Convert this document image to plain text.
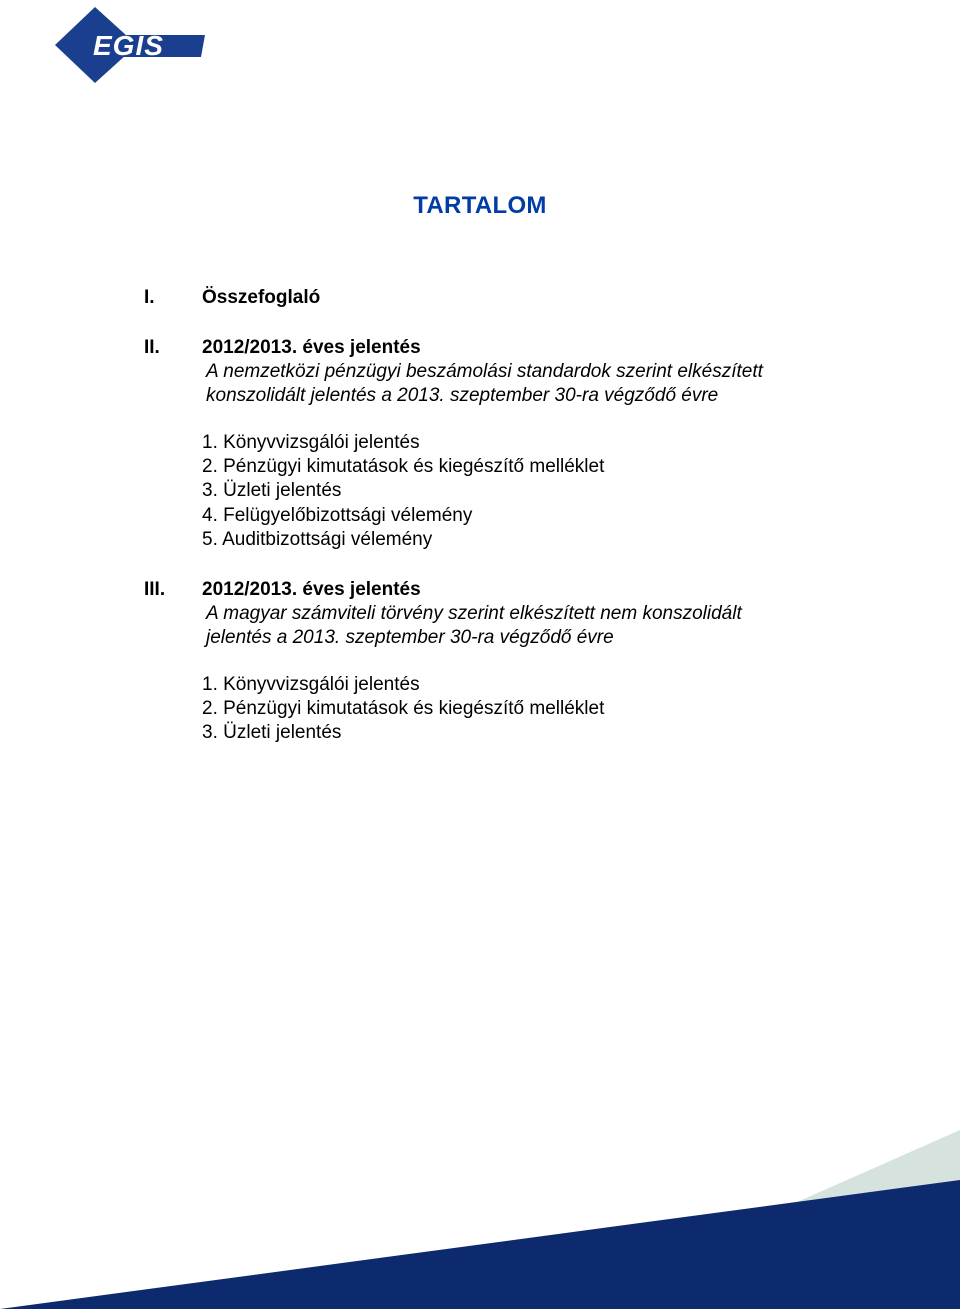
EGIS
TARTALOM
I. Összefoglaló
II. 2012/2013. éves jelentés
A nemzetközi pénzügyi beszámolási standardok szerint elkészített
konszolidált jelentés a 2013. szeptember 30-ra végződő évre
1. Könyvvizsgálói jelentés
2. Pénzügyi kimutatások és kiegészítő melléklet
3. Üzleti jelentés
4. Felügyelőbizottsági vélemény
5. Auditbizottsági vélemény
III. 2012/2013. éves jelentés
A magyar számviteli törvény szerint elkészített nem konszolidált
jelentés a 2013. szeptember 30-ra végződő évre
1. Könyvvizsgálói jelentés
2. Pénzügyi kimutatások és kiegészítő melléklet
3. Üzleti jelentés
